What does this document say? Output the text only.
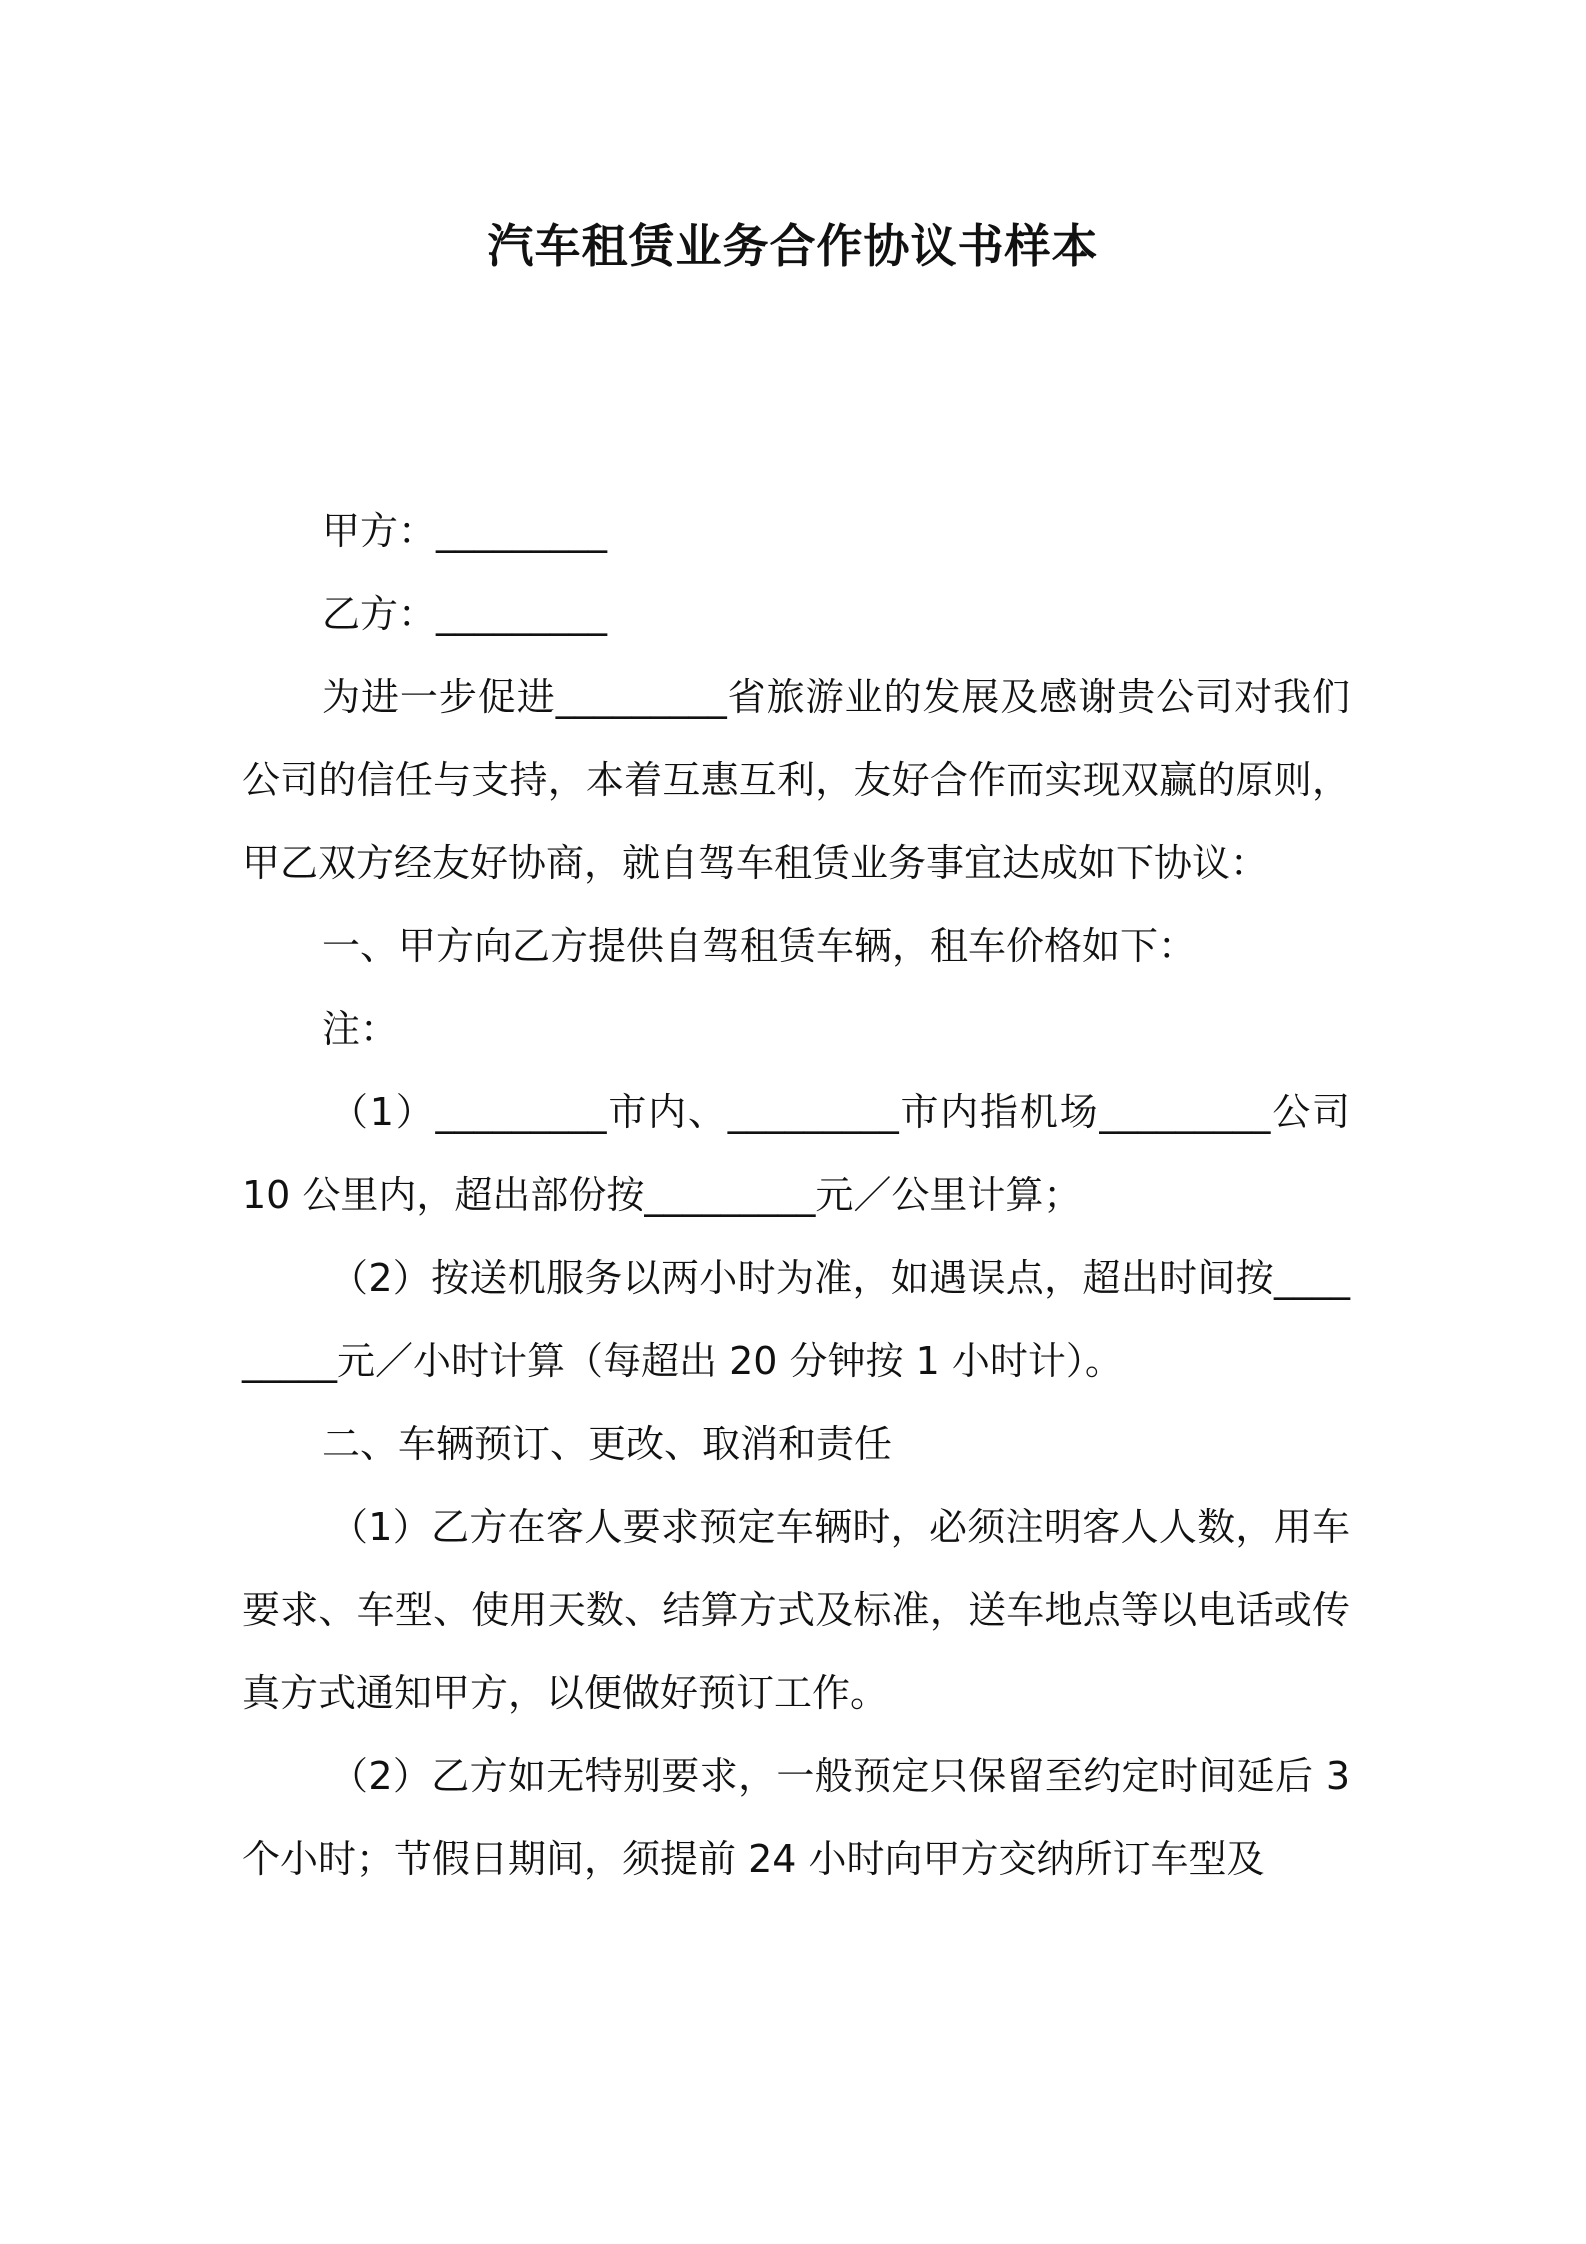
汽车租赁业务合作协议书样本

甲方：_________

乙方：_________

为进一步促进_________省旅游业的发展及感谢贵公司对我们公司的信任与支持，本着互惠互利，友好合作而实现双赢的原则，甲乙双方经友好协商，就自驾车租赁业务事宜达成如下协议：

一、甲方向乙方提供自驾租赁车辆，租车价格如下：

注：

（1）_________市内、_________市内指机场_________公司 10 公里内，超出部份按_________元／公里计算；

（2）按送机服务以两小时为准，如遇误点，超出时间按_________元／小时计算（每超出 20 分钟按 1 小时计）。

二、车辆预订、更改、取消和责任

（1）乙方在客人要求预定车辆时，必须注明客人人数，用车要求、车型、使用天数、结算方式及标准，送车地点等以电话或传真方式通知甲方，以便做好预订工作。

（2）乙方如无特别要求，一般预定只保留至约定时间延后 3 个小时；节假日期间，须提前 24 小时向甲方交纳所订车型及
